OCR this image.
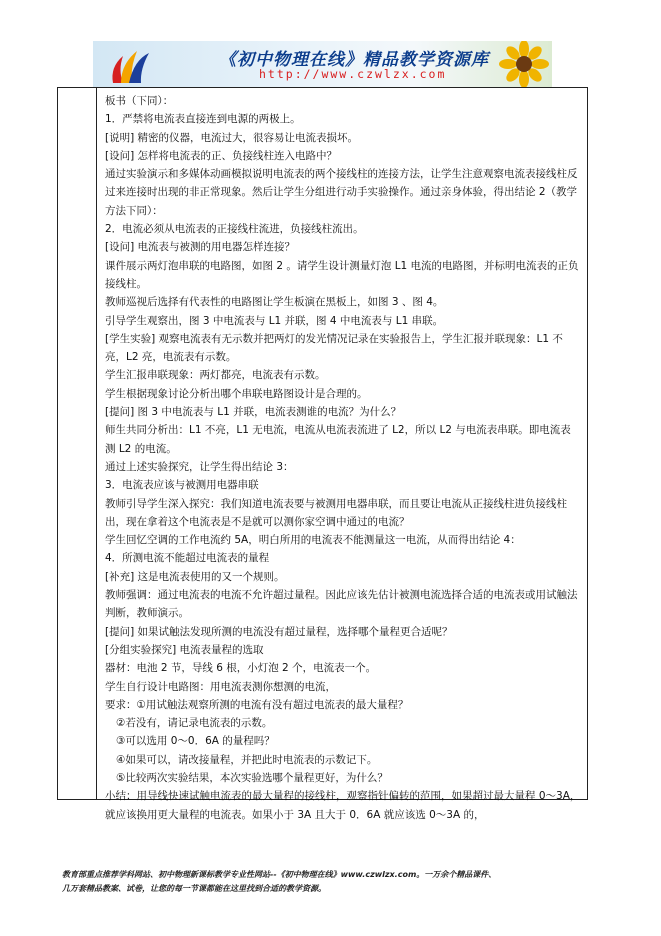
《初中物理在线》精品教学资源库
http://www.czwlzx.com

板书（下同）：

1．严禁将电流表直接连到电源的两极上。

[说明] 精密的仪器，电流过大，很容易让电流表损坏。

[设问] 怎样将电流表的正、负接线柱连入电路中？

通过实验演示和多媒体动画模拟说明电流表的两个接线柱的连接方法，让学生注意观察电流表接线柱反过来连接时出现的非正常现象。然后让学生分组进行动手实验操作。通过亲身体验，得出结论 2（教学方法下同）：

2．电流必须从电流表的正接线柱流进，负接线柱流出。

[设问] 电流表与被测的用电器怎样连接？

课件展示两灯泡串联的电路图，如图 2 。请学生设计测量灯泡 L1 电流的电路图，并标明电流表的正负接线柱。

教师巡视后选择有代表性的电路图让学生板演在黑板上，如图 3 、图 4。

引导学生观察出，图 3 中电流表与 L1 并联，图 4 中电流表与 L1 串联。

[学生实验] 观察电流表有无示数并把两灯的发光情况记录在实验报告上，学生汇报并联现象：L1 不亮，L2 亮，电流表有示数。

学生汇报串联现象：两灯都亮，电流表有示数。

学生根据现象讨论分析出哪个串联电路图设计是合理的。

[提问] 图 3 中电流表与 L1 并联，电流表测谁的电流？为什么？

师生共同分析出：L1 不亮，L1 无电流，电流从电流表流进了 L2，所以 L2 与电流表串联。即电流表测 L2 的电流。

通过上述实验探究，让学生得出结论 3：

3．电流表应该与被测用电器串联

教师引导学生深入探究：我们知道电流表要与被测用电器串联，而且要让电流从正接线柱进负接线柱出，现在拿着这个电流表是不是就可以测你家空调中通过的电流？

学生回忆空调的工作电流约 5A，明白所用的电流表不能测量这一电流，从而得出结论 4：

4．所测电流不能超过电流表的量程

[补充] 这是电流表使用的又一个规则。

教师强调：通过电流表的电流不允许超过量程。因此应该先估计被测电流选择合适的电流表或用试触法判断，教师演示。

[提问] 如果试触法发现所测的电流没有超过量程，选择哪个量程更合适呢？

[分组实验探究] 电流表量程的选取

器材：电池 2 节，导线 6 根，小灯泡 2 个，电流表一个。

学生自行设计电路图：用电流表测你想测的电流，

要求：①用试触法观察所测的电流有没有超过电流表的最大量程？

②若没有，请记录电流表的示数。

③可以选用 0～0．6A 的量程吗？

④如果可以，请改接量程，并把此时电流表的示数记下。

⑤比较两次实验结果，本次实验选哪个量程更好，为什么？

小结：用导线快速试触电流表的最大量程的接线柱，观察指针偏转的范围，如果超过最大量程 0～3A，就应该换用更大量程的电流表。如果小于 3A 且大于 0．6A 就应该选 0～3A 的，

教育部重点推荐学科网站、初中物理新课标教学专业性网站--《初中物理在线》www.czwlzx.com。一万余个精品课件、

几万套精品教案、试卷，让您的每一节课都能在这里找到合适的教学资源。
